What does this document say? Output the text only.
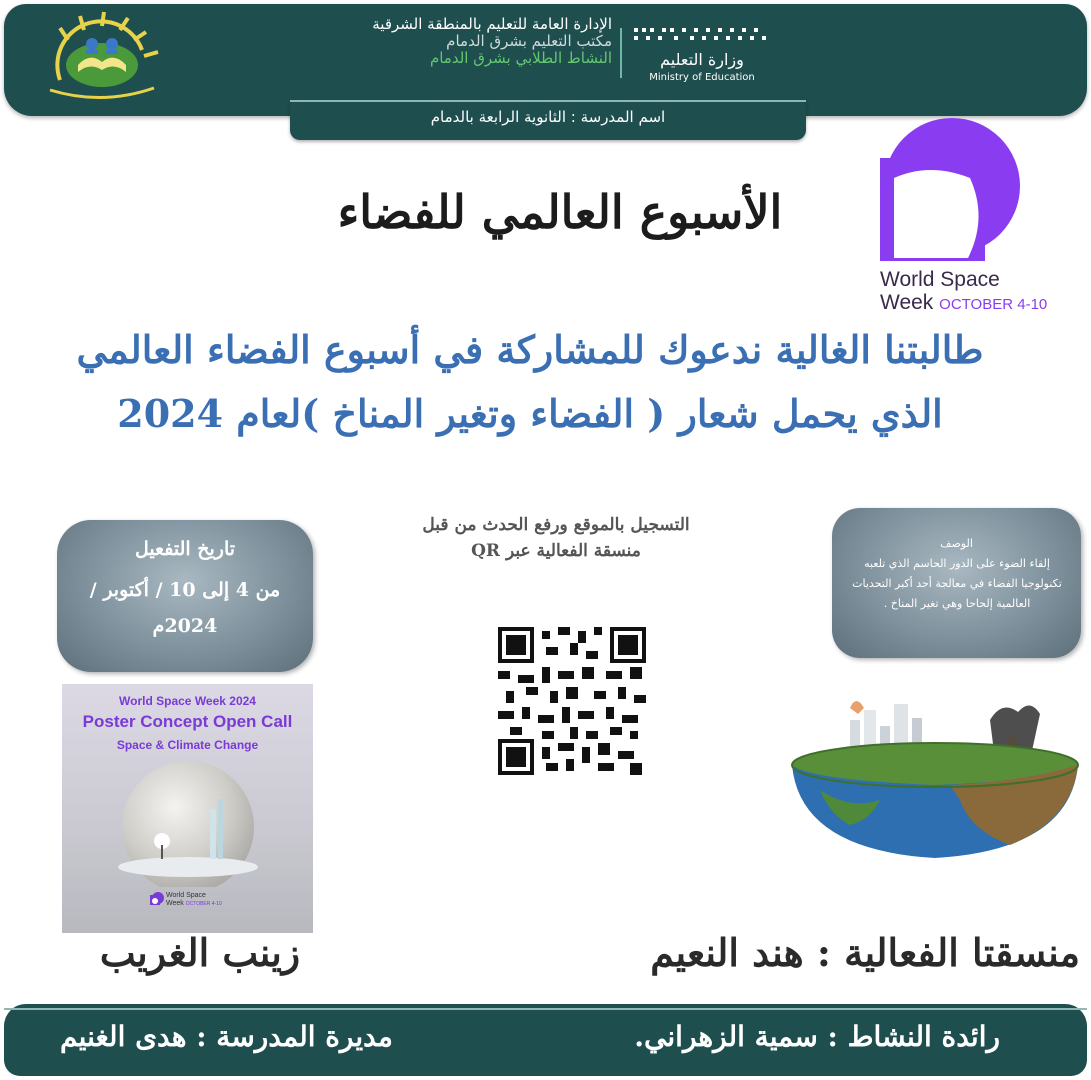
اسم المدرسة : الثانوية الرابعة بالدمام
الإدارة العامة للتعليم بالمنطقة الشرقية
مكتب التعليم بشرق الدمام
النشاط الطلابي بشرق الدمام	وزارة التعليم
Ministry of Education
الأسبوع العالمي للفضاء
World Space
Week OCTOBER 4-10
طالبتنا الغالية ندعوك للمشاركة في أسبوع الفضاء العالمي
الذي يحمل شعار ( الفضاء وتغير المناخ )لعام 2024
تاريخ التفعيل
من 4 إلى 10 / أكتوبر / 2024م
التسجيل بالموقع ورفع الحدث من قبل منسقة الفعالية عبر QR	الوصف
إلقاء الضوء على الدور الحاسم الذي تلعبه تكنولوجيا الفضاء في معالجة أحد أكبر التحديات العالمية إلحاحا وهي تغير المناخ .
World Space Week 2024
Poster Concept Open Call
Space & Climate Change
World Space
Week OCTOBER 4-10
منسقتا الفعالية : هند النعيم
زينب الغريب
رائدة النشاط : سمية الزهراني.
مديرة المدرسة : هدى الغنيم
